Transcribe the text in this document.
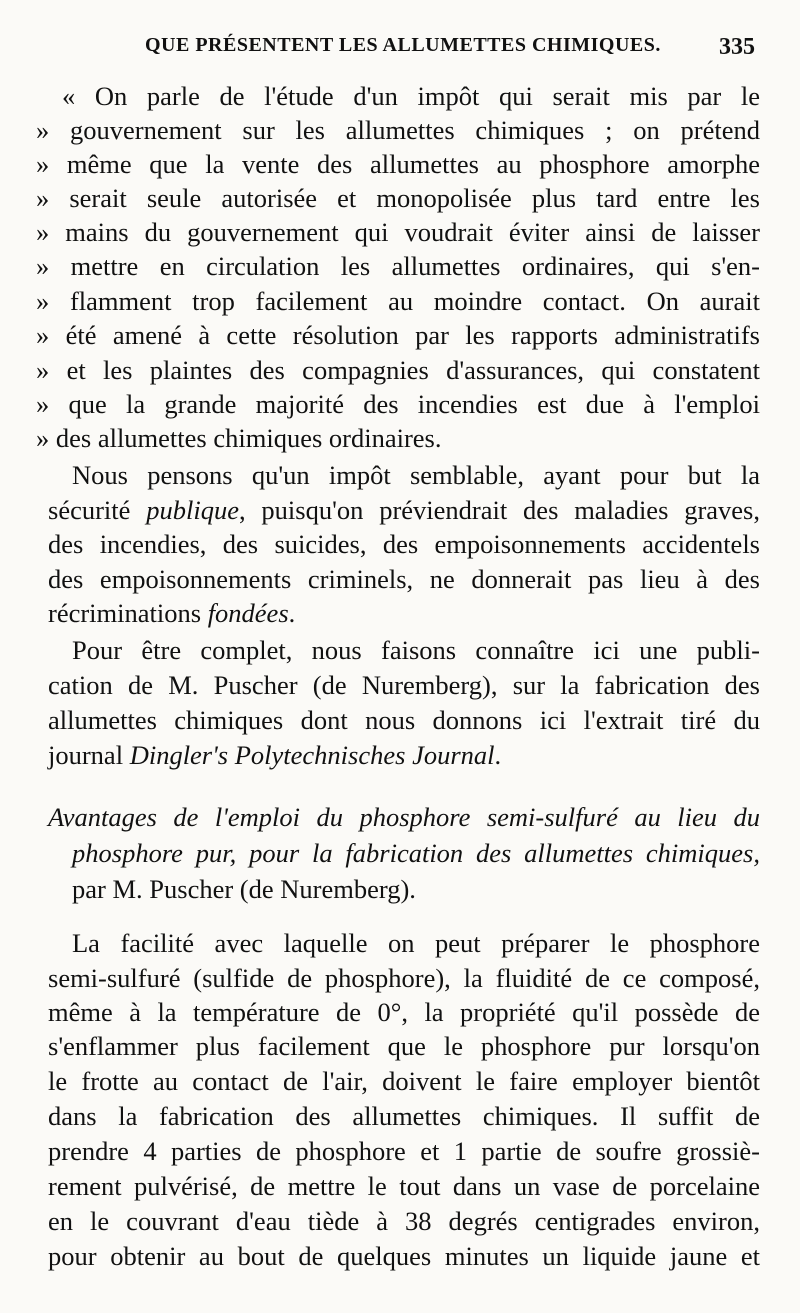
QUE PRÉSENTENT LES ALLUMETTES CHIMIQUES. 335
« On parle de l'étude d'un impôt qui serait mis par le
» gouvernement sur les allumettes chimiques ; on prétend
» même que la vente des allumettes au phosphore amorphe
» serait seule autorisée et monopolisée plus tard entre les
» mains du gouvernement qui voudrait éviter ainsi de laisser
» mettre en circulation les allumettes ordinaires, qui s'en-
» flamment trop facilement au moindre contact. On aurait
» été amené à cette résolution par les rapports administratifs
» et les plaintes des compagnies d'assurances, qui constatent
» que la grande majorité des incendies est due à l'emploi
» des allumettes chimiques ordinaires.
Nous pensons qu'un impôt semblable, ayant pour but la
sécurité publique, puisqu'on préviendrait des maladies graves,
des incendies, des suicides, des empoisonnements accidentels
des empoisonnements criminels, ne donnerait pas lieu à des
récriminations fondées.
Pour être complet, nous faisons connaître ici une publi-
cation de M. Puscher (de Nuremberg), sur la fabrication des
allumettes chimiques dont nous donnons ici l'extrait tiré du
journal Dingler's Polytechnisches Journal.
Avantages de l'emploi du phosphore semi-sulfuré au lieu du
phosphore pur, pour la fabrication des allumettes chimiques,
par M. Puscher (de Nuremberg).
La facilité avec laquelle on peut préparer le phosphore
semi-sulfuré (sulfide de phosphore), la fluidité de ce composé,
même à la température de 0°, la propriété qu'il possède de
s'enflammer plus facilement que le phosphore pur lorsqu'on
le frotte au contact de l'air, doivent le faire employer bientôt
dans la fabrication des allumettes chimiques. Il suffit de
prendre 4 parties de phosphore et 1 partie de soufre grossiè-
rement pulvérisé, de mettre le tout dans un vase de porcelaine
en le couvrant d'eau tiède à 38 degrés centigrades environ,
pour obtenir au bout de quelques minutes un liquide jaune et
